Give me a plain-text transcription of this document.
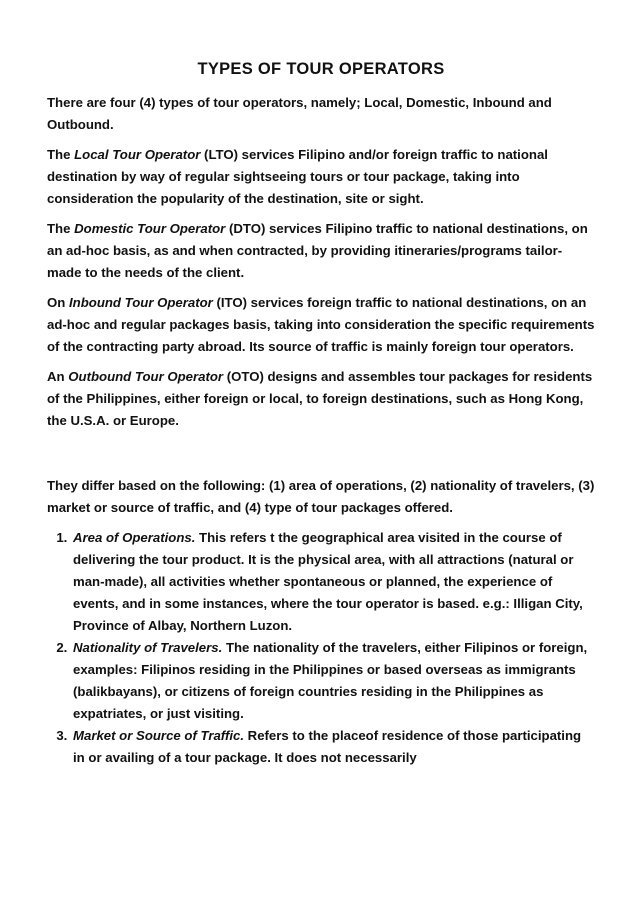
TYPES OF TOUR OPERATORS

There are four (4) types of tour operators, namely; Local, Domestic, Inbound and Outbound.

The Local Tour Operator (LTO) services Filipino and/or foreign traffic to national destination by way of regular sightseeing tours or tour package, taking into consideration the popularity of the destination, site or sight.

The Domestic Tour Operator (DTO) services Filipino traffic to national destinations, on an ad-hoc basis, as and when contracted, by providing itineraries/programs tailor-made to the needs of the client.

On Inbound Tour Operator (ITO) services foreign traffic to national destinations, on an ad-hoc and regular packages basis, taking into consideration the specific requirements of the contracting party abroad. Its source of traffic is mainly foreign tour operators.

An Outbound Tour Operator (OTO) designs and assembles tour packages for residents of the Philippines, either foreign or local, to foreign destinations, such as Hong Kong, the U.S.A. or Europe.

They differ based on the following: (1) area of operations, (2) nationality of travelers, (3) market or source of traffic, and (4) type of tour packages offered.

1. Area of Operations. This refers t the geographical area visited in the course of delivering the tour product. It is the physical area, with all attractions (natural or man-made), all activities whether spontaneous or planned, the experience of events, and in some instances, where the tour operator is based. e.g.: Illigan City, Province of Albay, Northern Luzon.
2. Nationality of Travelers. The nationality of the travelers, either Filipinos or foreign, examples: Filipinos residing in the Philippines or based overseas as immigrants (balikbayans), or citizens of foreign countries residing in the Philippines as expatriates, or just visiting.
3. Market or Source of Traffic. Refers to the placeof residence of those participating in or availing of a tour package. It does not necessarily
